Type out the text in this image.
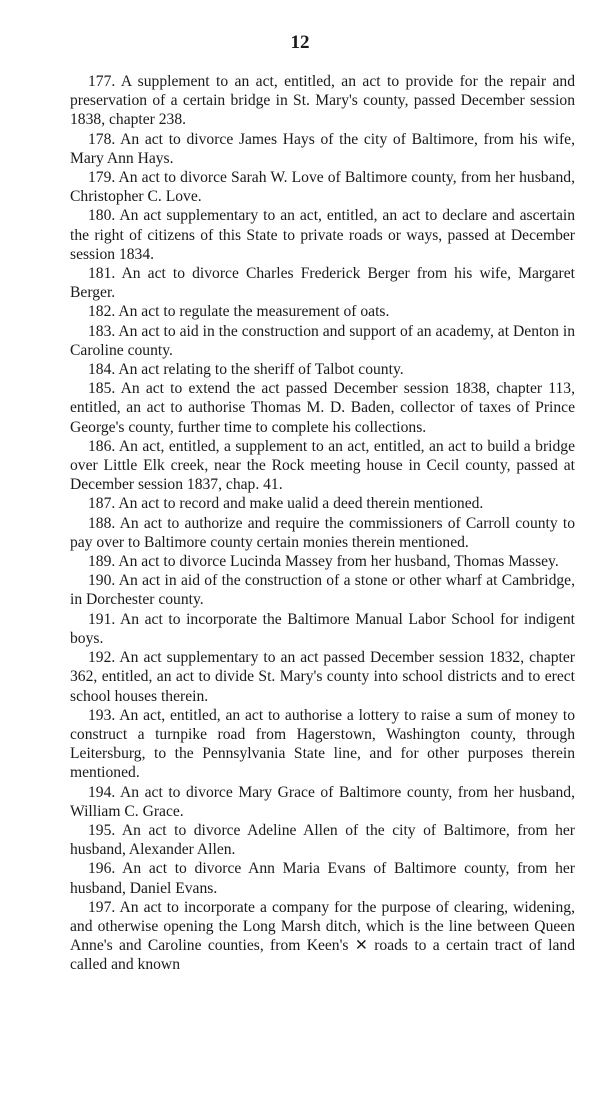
12

177. A supplement to an act, entitled, an act to provide for the repair and preservation of a certain bridge in St. Mary's county, passed December session 1838, chapter 238.

178. An act to divorce James Hays of the city of Baltimore, from his wife, Mary Ann Hays.

179. An act to divorce Sarah W. Love of Baltimore county, from her husband, Christopher C. Love.

180. An act supplementary to an act, entitled, an act to declare and ascertain the right of citizens of this State to private roads or ways, passed at December session 1834.

181. An act to divorce Charles Frederick Berger from his wife, Margaret Berger.

182. An act to regulate the measurement of oats.

183. An act to aid in the construction and support of an academy, at Denton in Caroline county.

184. An act relating to the sheriff of Talbot county.

185. An act to extend the act passed December session 1838, chapter 113, entitled, an act to authorise Thomas M. D. Baden, collector of taxes of Prince George's county, further time to complete his collections.

186. An act, entitled, a supplement to an act, entitled, an act to build a bridge over Little Elk creek, near the Rock meeting house in Cecil county, passed at December session 1837, chap. 41.

187. An act to record and make ualid a deed therein mentioned.

188. An act to authorize and require the commissioners of Carroll county to pay over to Baltimore county certain monies therein mentioned.

189. An act to divorce Lucinda Massey from her husband, Thomas Massey.

190. An act in aid of the construction of a stone or other wharf at Cambridge, in Dorchester county.

191. An act to incorporate the Baltimore Manual Labor School for indigent boys.

192. An act supplementary to an act passed December session 1832, chapter 362, entitled, an act to divide St. Mary's county into school districts and to erect school houses therein.

193. An act, entitled, an act to authorise a lottery to raise a sum of money to construct a turnpike road from Hagerstown, Washington county, through Leitersburg, to the Pennsylvania State line, and for other purposes therein mentioned.

194. An act to divorce Mary Grace of Baltimore county, from her husband, William C. Grace.

195. An act to divorce Adeline Allen of the city of Baltimore, from her husband, Alexander Allen.

196. An act to divorce Ann Maria Evans of Baltimore county, from her husband, Daniel Evans.

197. An act to incorporate a company for the purpose of clearing, widening, and otherwise opening the Long Marsh ditch, which is the line between Queen Anne's and Caroline counties, from Keen's ✕ roads to a certain tract of land called and known
